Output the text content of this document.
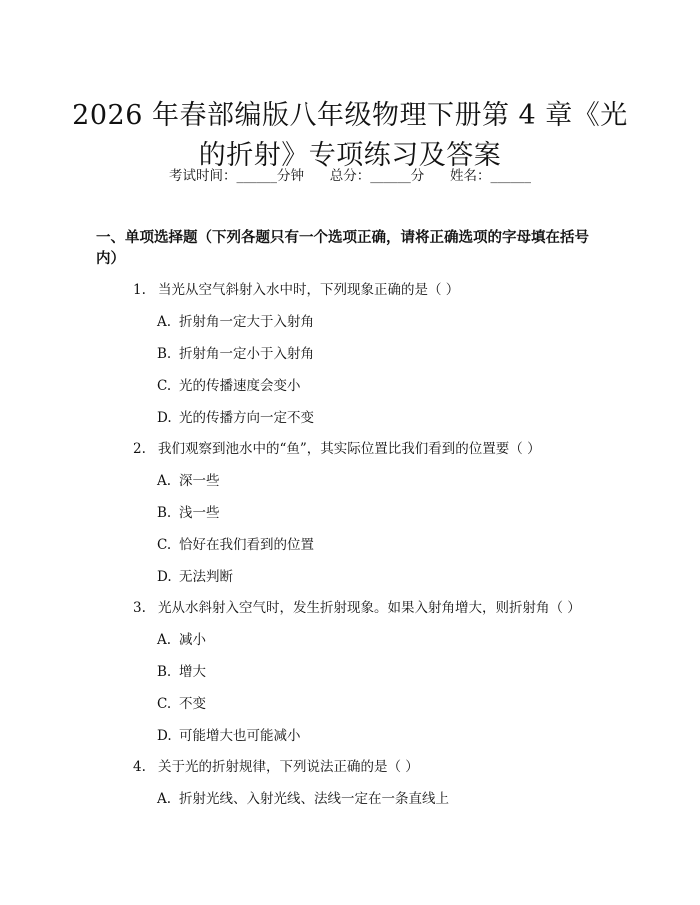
2026 年春部编版八年级物理下册第 4 章《光的折射》专项练习及答案
考试时间：______分钟      总分：______分      姓名：______
一、单项选择题（下列各题只有一个选项正确，请将正确选项的字母填在括号内）
1. 当光从空气斜射入水中时，下列现象正确的是（ ）
A. 折射角一定大于入射角
B. 折射角一定小于入射角
C. 光的传播速度会变小
D. 光的传播方向一定不变
2. 我们观察到池水中的“鱼”，其实际位置比我们看到的位置要（ ）
A. 深一些
B. 浅一些
C. 恰好在我们看到的位置
D. 无法判断
3. 光从水斜射入空气时，发生折射现象。如果入射角增大，则折射角（ ）
A. 减小
B. 增大
C. 不变
D. 可能增大也可能减小
4. 关于光的折射规律，下列说法正确的是（ ）
A. 折射光线、入射光线、法线一定在一条直线上
